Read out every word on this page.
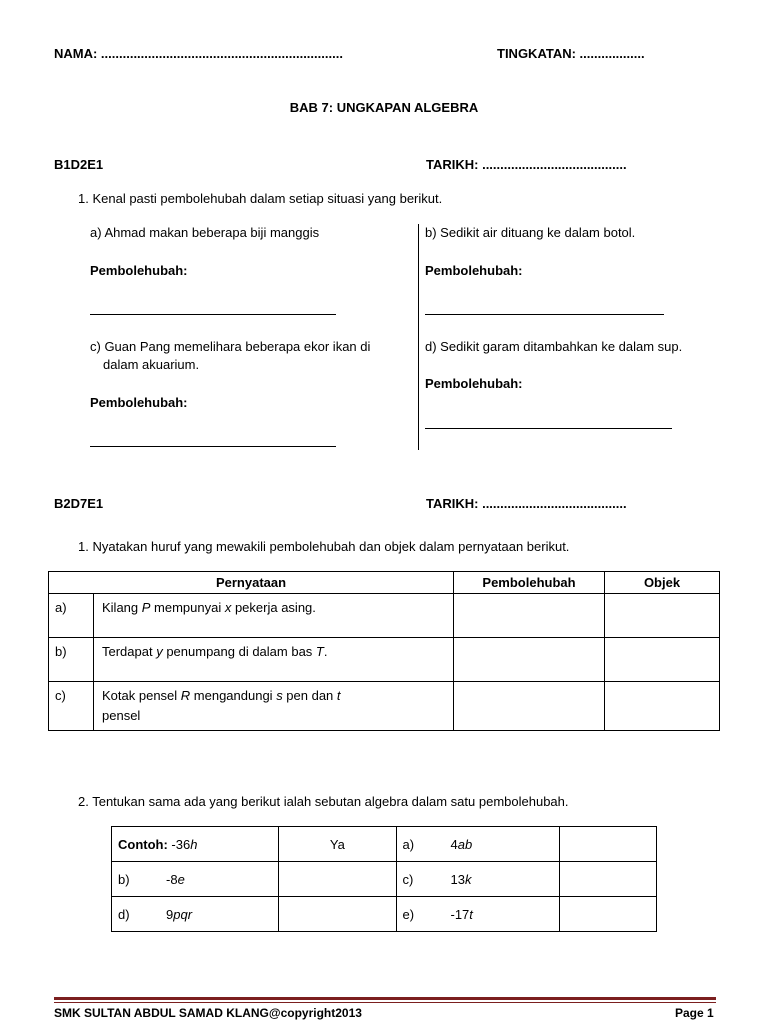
NAMA: ...................................................................	TINGKATAN: ..................
BAB 7: UNGKAPAN ALGEBRA
B1D2E1	TARIKH: ........................................
1. Kenal pasti pembolehubah dalam setiap situasi yang berikut.
a) Ahmad makan beberapa biji manggis
Pembolehubah:
b) Sedikit air dituang ke dalam botol.
Pembolehubah:
c) Guan Pang memelihara beberapa ekor ikan di
dalam akuarium.
Pembolehubah:
d) Sedikit garam ditambahkan ke dalam sup.
Pembolehubah:
B2D7E1	TARIKH: ........................................
1. Nyatakan huruf yang mewakili pembolehubah dan objek dalam pernyataan berikut.
Pernyataan		Pembolehubah	Objek

a)	Kilang P mempunyai x pekerja asing.		

b)	Terdapat y penumpang di dalam bas T.		

c)	Kotak pensel R mengandungi s pen dan t pensel		

2. Tentukan sama ada yang berikut ialah sebutan algebra dalam satu pembolehubah.
Contoh: -36h	Ya	a) 4ab	
b) -8e		c) 13k	
d) 9pqr		e) -17t	
SMK SULTAN ABDUL SAMAD KLANG@copyright2013	Page 1
